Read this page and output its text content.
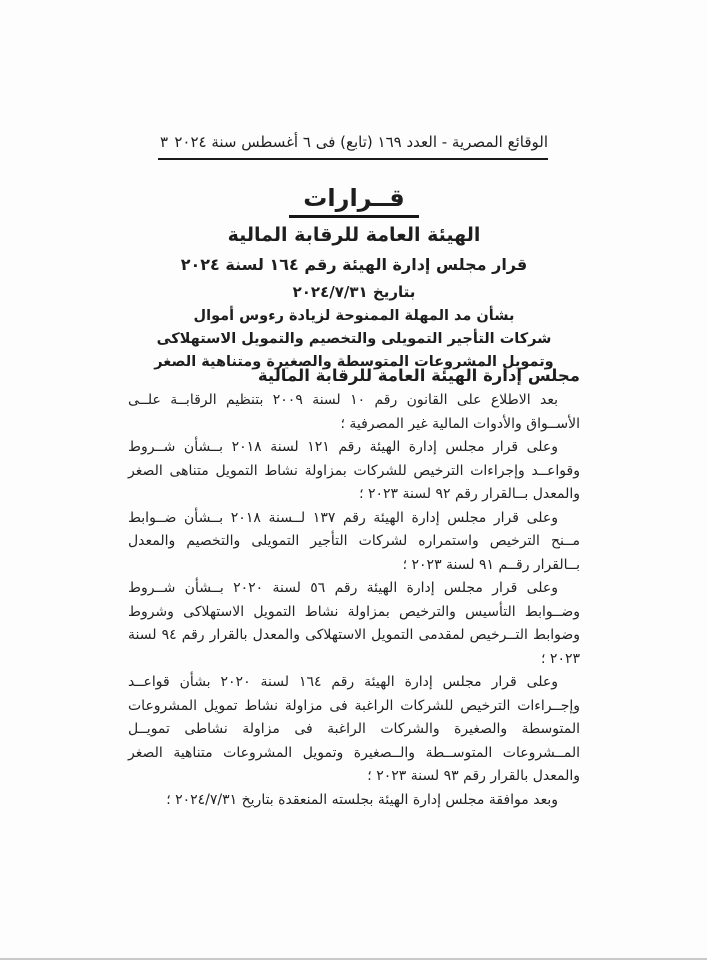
الوقائع المصرية - العدد ١٦٩ (تابع) فى ٦ أغسطس سنة ٢٠٢٤
٣
قــرارات
الهيئة العامة للرقابة المالية
قرار مجلس إدارة الهيئة رقم ١٦٤ لسنة ٢٠٢٤
بتاريخ ٢٠٢٤/٧/٣١
بشأن مد المهلة الممنوحة لزيادة رءوس أموال
شركات التأجير التمويلى والتخصيم والتمويل الاستهلاكى
وتمويل المشروعات المتوسطة والصغيرة ومتناهية الصغر
مجلس إدارة الهيئة العامة للرقابة المالية

بعد الاطلاع على القانون رقم ١٠ لسنة ٢٠٠٩ بتنظيم الرقابــة علــى الأســواق والأدوات المالية غير المصرفية ؛

وعلى قرار مجلس إدارة الهيئة رقم ١٢١ لسنة ٢٠١٨ بــشأن شــروط وقواعــد وإجراءات الترخيص للشركات بمزاولة نشاط التمويل متناهى الصغر والمعدل بــالقرار رقم ٩٢ لسنة ٢٠٢٣ ؛

وعلى قرار مجلس إدارة الهيئة رقم ١٣٧ لــسنة ٢٠١٨ بــشأن ضــوابط مــنح الترخيص واستمراره لشركات التأجير التمويلى والتخصيم والمعدل بــالقرار رقــم ٩١ لسنة ٢٠٢٣ ؛

وعلى قرار مجلس إدارة الهيئة رقم ٥٦ لسنة ٢٠٢٠ بــشأن شــروط وضــوابط التأسيس والترخيص بمزاولة نشاط التمويل الاستهلاكى وشروط وضوابط التــرخيص لمقدمى التمويل الاستهلاكى والمعدل بالقرار رقم ٩٤ لسنة ٢٠٢٣ ؛

وعلى قرار مجلس إدارة الهيئة رقم ١٦٤ لسنة ٢٠٢٠ بشأن قواعــد وإجــراءات الترخيص للشركات الراغبة فى مزاولة نشاط تمويل المشروعات المتوسطة والصغيرة والشركات الراغبة فى مزاولة نشاطى تمويــل المــشروعات المتوســطة والــصغيرة وتمويل المشروعات متناهية الصغر والمعدل بالقرار رقم ٩٣ لسنة ٢٠٢٣ ؛

وبعد موافقة مجلس إدارة الهيئة بجلسته المنعقدة بتاريخ ٢٠٢٤/٧/٣١ ؛
